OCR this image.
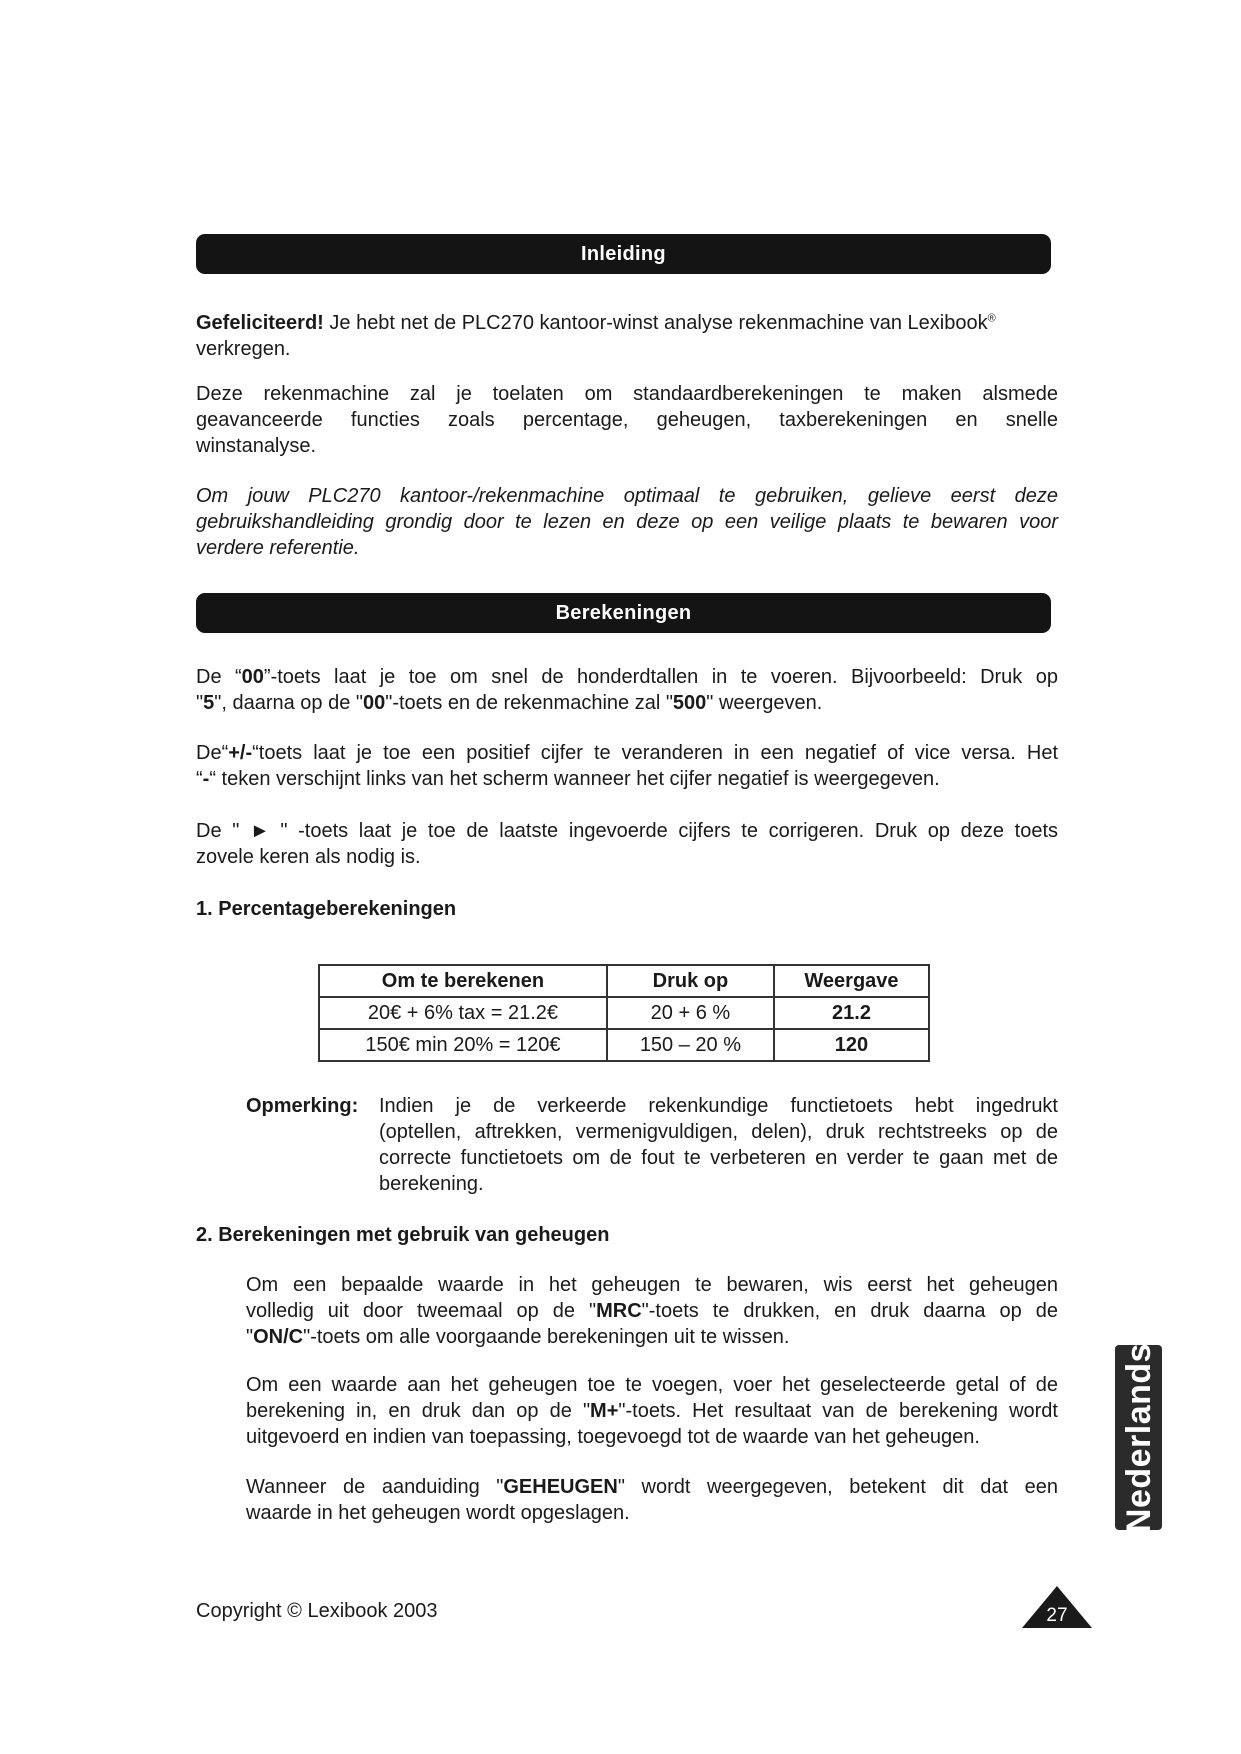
Inleiding
Gefeliciteerd! Je hebt net de PLC270 kantoor-winst analyse rekenmachine van Lexibook®
verkregen.
Deze rekenmachine zal je toelaten om standaardberekeningen te maken alsmede
geavanceerde functies zoals percentage, geheugen, taxberekeningen en snelle
winstanalyse.
Om jouw PLC270 kantoor-/rekenmachine optimaal te gebruiken, gelieve eerst deze
gebruikshandleiding grondig door te lezen en deze op een veilige plaats te bewaren voor
verdere referentie.
Berekeningen
De “00”-toets laat je toe om snel de honderdtallen in te voeren. Bijvoorbeeld: Druk op
"5", daarna op de "00"-toets en de rekenmachine zal "500" weergeven.
De“+/-“toets laat je toe een positief cijfer te veranderen in een negatief of vice versa. Het
“-“ teken verschijnt links van het scherm wanneer het cijfer negatief is weergegeven.
De " ► " -toets laat je toe de laatste ingevoerde cijfers te corrigeren. Druk op deze toets
zovele keren als nodig is.
1. Percentageberekeningen
Om te berekenen	Druk op	Weergave
20€ + 6% tax = 21.2€	20 + 6 %	21.2
150€ min 20% = 120€	150 – 20 %	120
Opmerking: Indien je de verkeerde rekenkundige functietoets hebt ingedrukt
(optellen, aftrekken, vermenigvuldigen, delen), druk rechtstreeks op de
correcte functietoets om de fout te verbeteren en verder te gaan met de
berekening.
2. Berekeningen met gebruik van geheugen
Om een bepaalde waarde in het geheugen te bewaren, wis eerst het geheugen
volledig uit door tweemaal op de "MRC"-toets te drukken, en druk daarna op de
"ON/C"-toets om alle voorgaande berekeningen uit te wissen.
Om een waarde aan het geheugen toe te voegen, voer het geselecteerde getal of de
berekening in, en druk dan op de "M+"-toets. Het resultaat van de berekening wordt
uitgevoerd en indien van toepassing, toegevoegd tot de waarde van het geheugen.
Wanneer de aanduiding "GEHEUGEN" wordt weergegeven, betekent dit dat een
waarde in het geheugen wordt opgeslagen.	Nederlands
Copyright © Lexibook 2003	27
